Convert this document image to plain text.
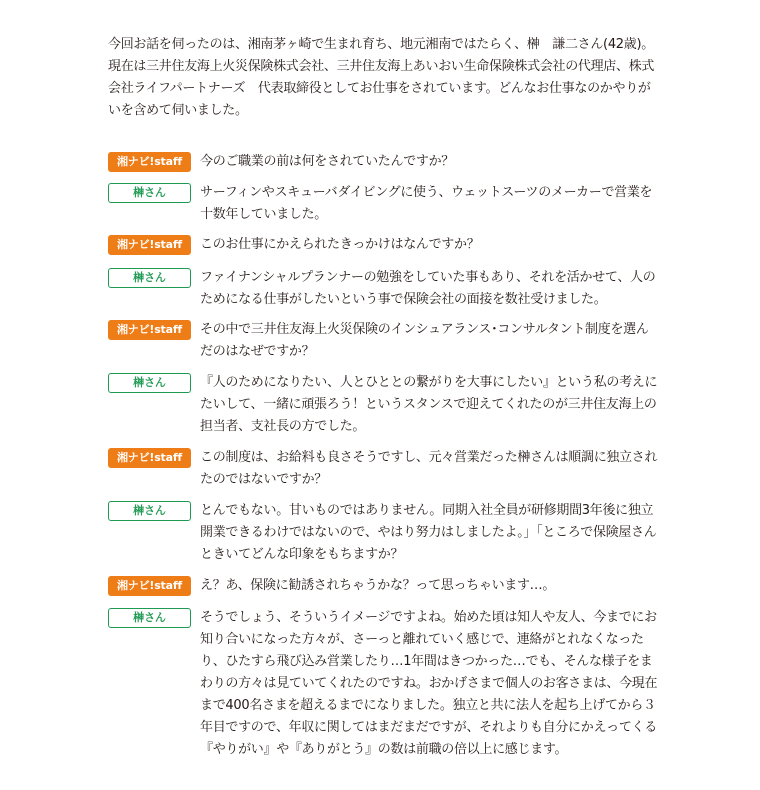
今回お話を伺ったのは、湘南茅ヶ崎で生まれ育ち、地元湘南ではたらく、榊　謙二さん(42歳)。現在は三井住友海上火災保険株式会社、三井住友海上あいおい生命保険株式会社の代理店、株式会社ライフパートナーズ　代表取締役としてお仕事をされています。どんなお仕事なのかやりがいを含めて伺いました。

湘ナビ!staff	今のご職業の前は何をされていたんですか？

榊さん	サーフィンやスキューバダイビングに使う、ウェットスーツのメーカーで営業を十数年していました。

湘ナビ!staff	このお仕事にかえられたきっかけはなんですか？

榊さん	ファイナンシャルプランナーの勉強をしていた事もあり、それを活かせて、人のためになる仕事がしたいという事で保険会社の面接を数社受けました。

湘ナビ!staff	その中で三井住友海上火災保険のインシュアランス･コンサルタント制度を選んだのはなぜですか？

榊さん	『人のためになりたい、人とひととの繋がりを大事にしたい』という私の考えにたいして、一緒に頑張ろう！というスタンスで迎えてくれたのが三井住友海上の担当者、支社長の方でした。

湘ナビ!staff	この制度は、お給料も良さそうですし、元々営業だった榊さんは順調に独立されたのではないですか？

榊さん	とんでもない。甘いものではありません。同期入社全員が研修期間3年後に独立開業できるわけではないので、やはり努力はしましたよ。」「ところで保険屋さんときいてどんな印象をもちますか？

湘ナビ!staff	え？あ、保険に勧誘されちゃうかな？って思っちゃいます…。

榊さん	そうでしょう、そういうイメージですよね。始めた頃は知人や友人、今までにお知り合いになった方々が、さーっと離れていく感じで、連絡がとれなくなったり、ひたすら飛び込み営業したり…1年間はきつかった…でも、そんな様子をまわりの方々は見ていてくれたのですね。おかげさまで個人のお客さまは、今現在まで400名さまを超えるまでになりました。独立と共に法人を起ち上げてから３年目ですので、年収に関してはまだまだですが、それよりも自分にかえってくる『やりがい』や『ありがとう』の数は前職の倍以上に感じます。
